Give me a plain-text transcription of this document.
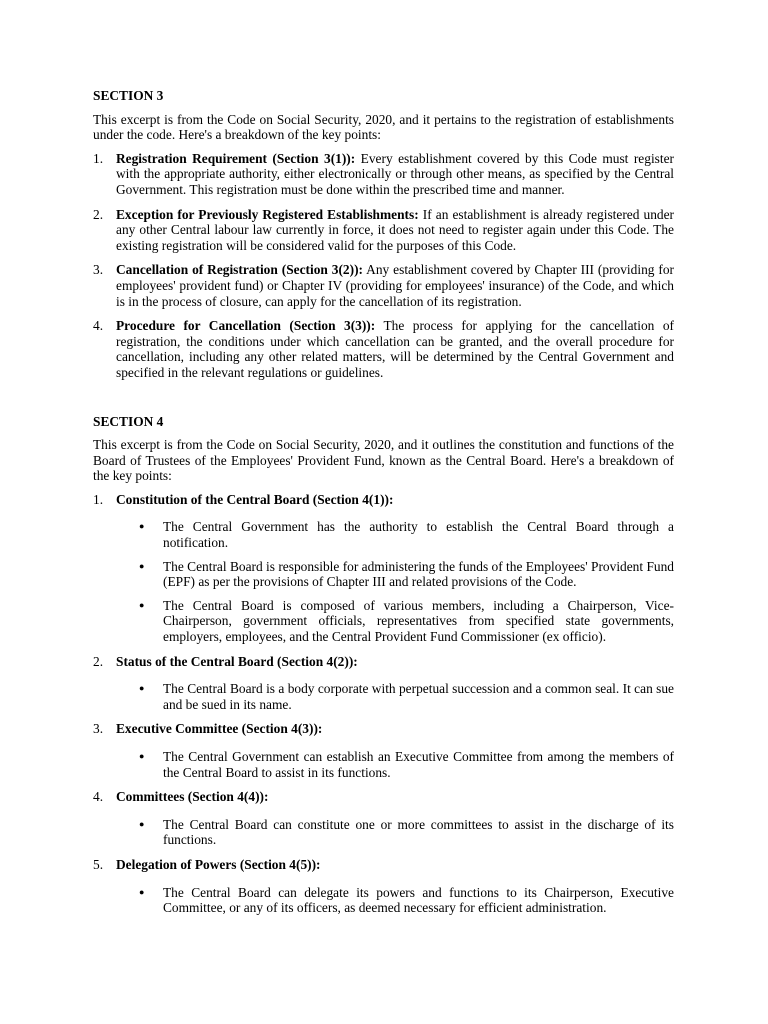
SECTION 3
This excerpt is from the Code on Social Security, 2020, and it pertains to the registration of establishments under the code. Here's a breakdown of the key points:
1. Registration Requirement (Section 3(1)): Every establishment covered by this Code must register with the appropriate authority, either electronically or through other means, as specified by the Central Government. This registration must be done within the prescribed time and manner.
2. Exception for Previously Registered Establishments: If an establishment is already registered under any other Central labour law currently in force, it does not need to register again under this Code. The existing registration will be considered valid for the purposes of this Code.
3. Cancellation of Registration (Section 3(2)): Any establishment covered by Chapter III (providing for employees' provident fund) or Chapter IV (providing for employees' insurance) of the Code, and which is in the process of closure, can apply for the cancellation of its registration.
4. Procedure for Cancellation (Section 3(3)): The process for applying for the cancellation of registration, the conditions under which cancellation can be granted, and the overall procedure for cancellation, including any other related matters, will be determined by the Central Government and specified in the relevant regulations or guidelines.
SECTION 4
This excerpt is from the Code on Social Security, 2020, and it outlines the constitution and functions of the Board of Trustees of the Employees' Provident Fund, known as the Central Board. Here's a breakdown of the key points:
1. Constitution of the Central Board (Section 4(1)):
● The Central Government has the authority to establish the Central Board through a notification.
● The Central Board is responsible for administering the funds of the Employees' Provident Fund (EPF) as per the provisions of Chapter III and related provisions of the Code.
● The Central Board is composed of various members, including a Chairperson, Vice-Chairperson, government officials, representatives from specified state governments, employers, employees, and the Central Provident Fund Commissioner (ex officio).
2. Status of the Central Board (Section 4(2)):
● The Central Board is a body corporate with perpetual succession and a common seal. It can sue and be sued in its name.
3. Executive Committee (Section 4(3)):
● The Central Government can establish an Executive Committee from among the members of the Central Board to assist in its functions.
4. Committees (Section 4(4)):
● The Central Board can constitute one or more committees to assist in the discharge of its functions.
5. Delegation of Powers (Section 4(5)):
● The Central Board can delegate its powers and functions to its Chairperson, Executive Committee, or any of its officers, as deemed necessary for efficient administration.
